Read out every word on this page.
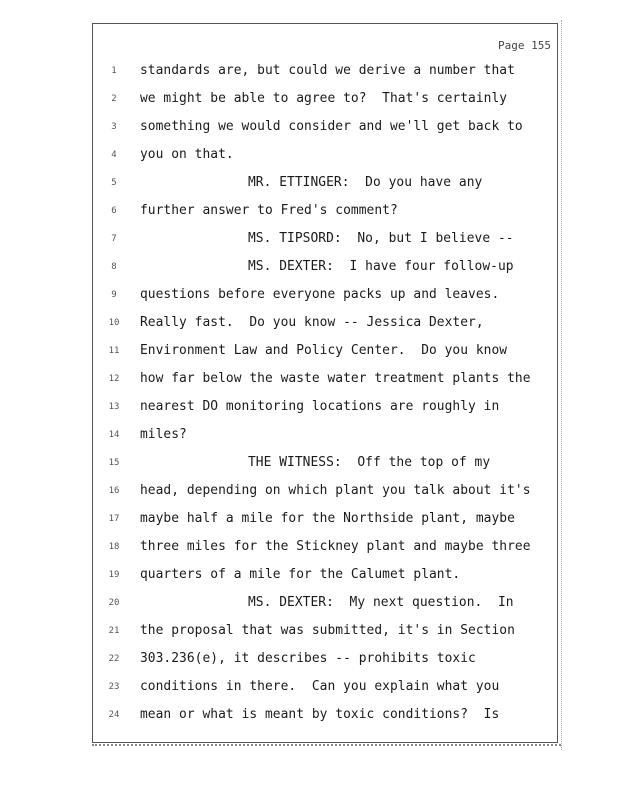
Page 155
1	standards are, but could we derive a number that
2	we might be able to agree to?  That's certainly
3	something we would consider and we'll get back to
4	you on that.
5	MR. ETTINGER:  Do you have any
6	further answer to Fred's comment?
7	MS. TIPSORD:  No, but I believe --
8	MS. DEXTER:  I have four follow-up
9	questions before everyone packs up and leaves.
10	Really fast.  Do you know -- Jessica Dexter,
11	Environment Law and Policy Center.  Do you know
12	how far below the waste water treatment plants the
13	nearest DO monitoring locations are roughly in
14	miles?
15	THE WITNESS:  Off the top of my
16	head, depending on which plant you talk about it's
17	maybe half a mile for the Northside plant, maybe
18	three miles for the Stickney plant and maybe three
19	quarters of a mile for the Calumet plant.
20	MS. DEXTER:  My next question.  In
21	the proposal that was submitted, it's in Section
22	303.236(e), it describes -- prohibits toxic
23	conditions in there.  Can you explain what you
24	mean or what is meant by toxic conditions?  Is
